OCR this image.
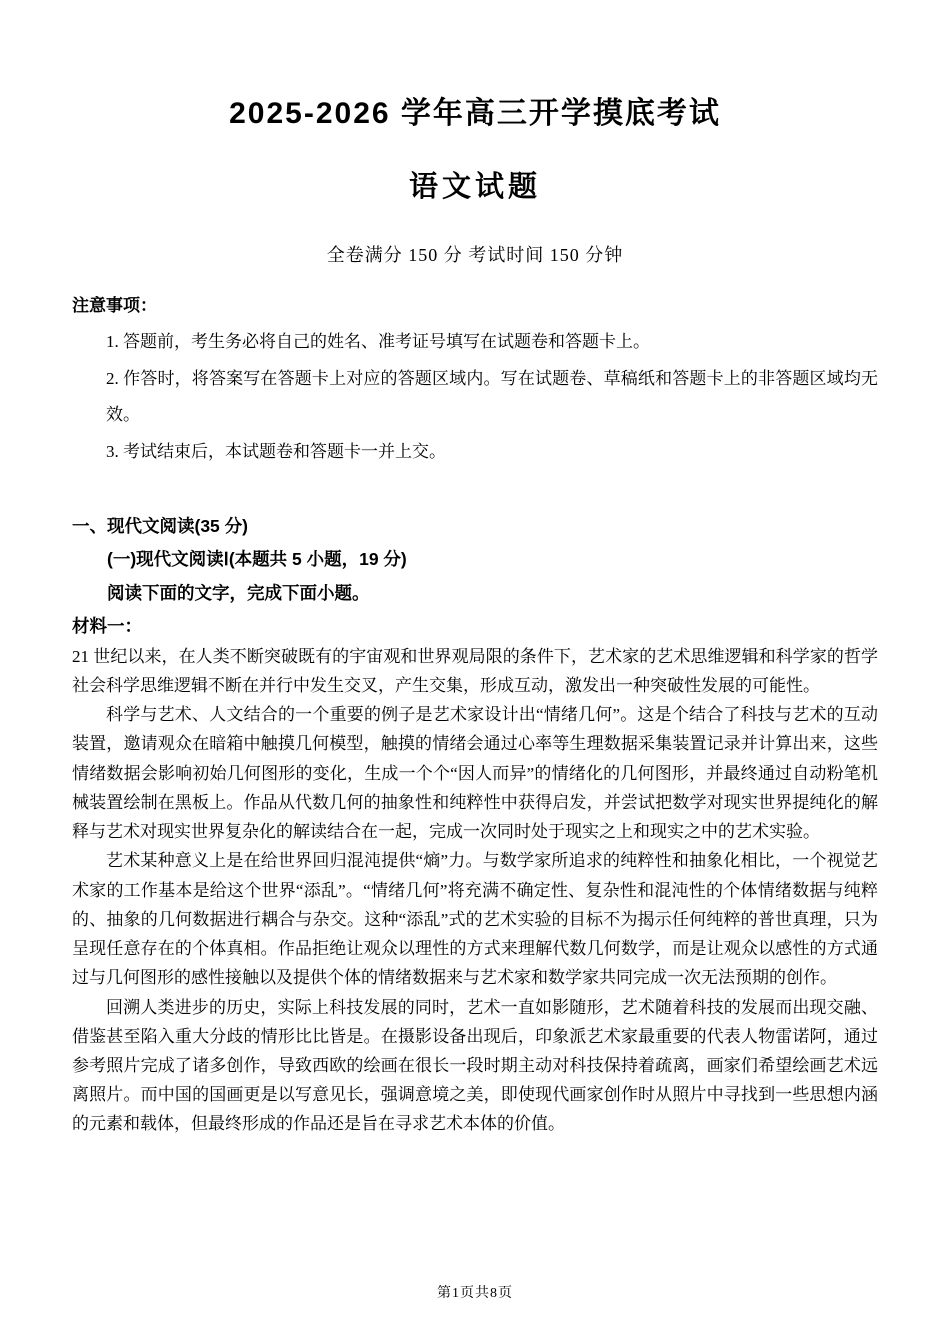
2025-2026 学年高三开学摸底考试
语文试题
全卷满分 150 分 考试时间 150 分钟
注意事项：

1. 答题前，考生务必将自己的姓名、准考证号填写在试题卷和答题卡上。

2. 作答时，将答案写在答题卡上对应的答题区域内。写在试题卷、草稿纸和答题卡上的非答题区域均无效。

3. 考试结束后，本试题卷和答题卡一并上交。

一、现代文阅读(35 分)
(一)现代文阅读Ⅰ(本题共 5 小题，19 分)
阅读下面的文字，完成下面小题。
材料一：

21 世纪以来，在人类不断突破既有的宇宙观和世界观局限的条件下，艺术家的艺术思维逻辑和科学家的哲学社会科学思维逻辑不断在并行中发生交叉，产生交集，形成互动，激发出一种突破性发展的可能性。

科学与艺术、人文结合的一个重要的例子是艺术家设计出“情绪几何”。这是个结合了科技与艺术的互动装置，邀请观众在暗箱中触摸几何模型，触摸的情绪会通过心率等生理数据采集装置记录并计算出来，这些情绪数据会影响初始几何图形的变化，生成一个个“因人而异”的情绪化的几何图形，并最终通过自动粉笔机械装置绘制在黑板上。作品从代数几何的抽象性和纯粹性中获得启发，并尝试把数学对现实世界提纯化的解释与艺术对现实世界复杂化的解读结合在一起，完成一次同时处于现实之上和现实之中的艺术实验。

艺术某种意义上是在给世界回归混沌提供“熵”力。与数学家所追求的纯粹性和抽象化相比，一个视觉艺术家的工作基本是给这个世界“添乱”。“情绪几何”将充满不确定性、复杂性和混沌性的个体情绪数据与纯粹的、抽象的几何数据进行耦合与杂交。这种“添乱”式的艺术实验的目标不为揭示任何纯粹的普世真理，只为呈现任意存在的个体真相。作品拒绝让观众以理性的方式来理解代数几何数学，而是让观众以感性的方式通过与几何图形的感性接触以及提供个体的情绪数据来与艺术家和数学家共同完成一次无法预期的创作。

回溯人类进步的历史，实际上科技发展的同时，艺术一直如影随形，艺术随着科技的发展而出现交融、借鉴甚至陷入重大分歧的情形比比皆是。在摄影设备出现后，印象派艺术家最重要的代表人物雷诺阿，通过参考照片完成了诸多创作，导致西欧的绘画在很长一段时期主动对科技保持着疏离，画家们希望绘画艺术远离照片。而中国的国画更是以写意见长，强调意境之美，即使现代画家创作时从照片中寻找到一些思想内涵的元素和载体，但最终形成的作品还是旨在寻求艺术本体的价值。

第1页共8页
